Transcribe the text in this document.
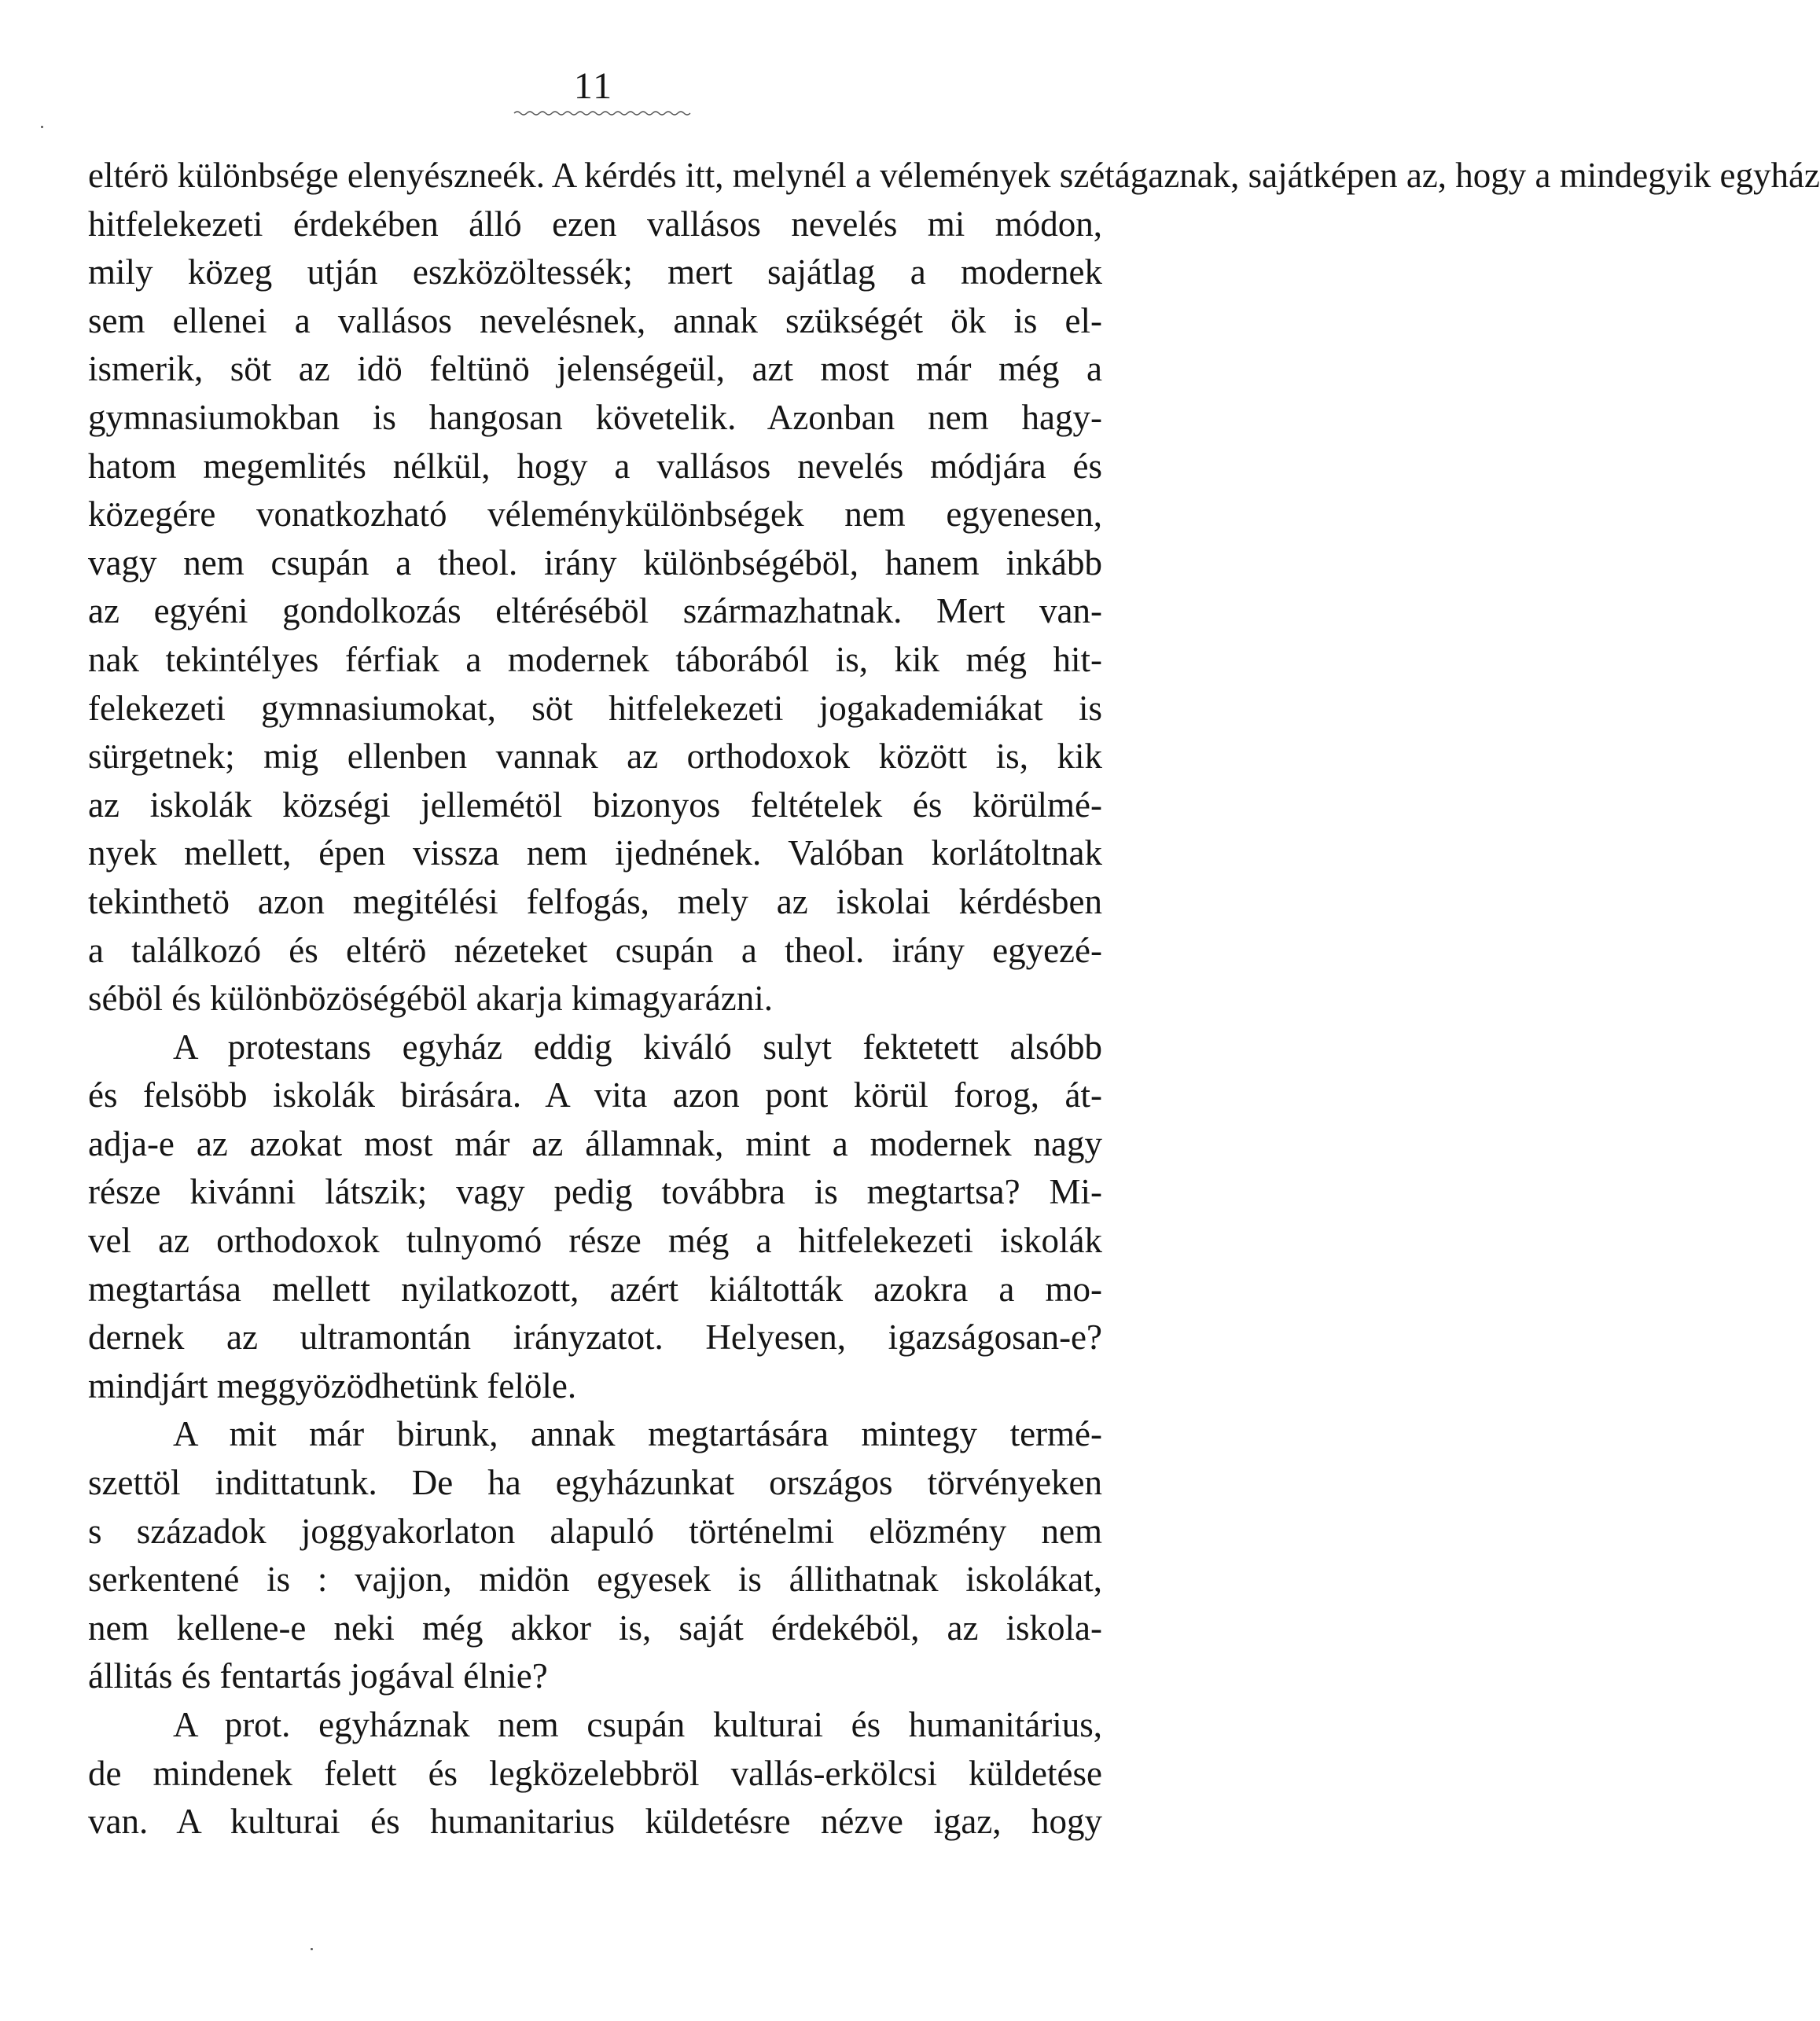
11
eltérö különbsége elenyészneék. A kérdés itt, melynél a vélemények szétágaznak, sajátképen az, hogy a mindegyik egyház
hitfelekezeti érdekében álló ezen vallásos nevelés mi módon,
mily közeg utján eszközöltessék; mert sajátlag a modernek
sem ellenei a vallásos nevelésnek, annak szükségét ök is el-
ismerik, söt az idö feltünö jelenségeül, azt most már még a
gymnasiumokban is hangosan követelik. Azonban nem hagy-
hatom megemlités nélkül, hogy a vallásos nevelés módjára és
közegére vonatkozható véleménykülönbségek nem egyenesen,
vagy nem csupán a theol. irány különbségéböl, hanem inkább
az egyéni gondolkozás eltéréséböl származhatnak. Mert van-
nak tekintélyes férfiak a modernek táborából is, kik még hit-
felekezeti gymnasiumokat, söt hitfelekezeti jogakademiákat is
sürgetnek; mig ellenben vannak az orthodoxok között is, kik
az iskolák községi jellemétöl bizonyos feltételek és körülmé-
nyek mellett, épen vissza nem ijednének. Valóban korlátoltnak
tekinthetö azon megitélési felfogás, mely az iskolai kérdésben
a találkozó és eltérö nézeteket csupán a theol. irány egyezé-
séböl és különbözöségéböl akarja kimagyarázni.
A protestans egyház eddig kiváló sulyt fektetett alsóbb
és felsöbb iskolák birására. A vita azon pont körül forog, át-
adja-e az azokat most már az államnak, mint a modernek nagy
része kivánni látszik; vagy pedig továbbra is megtartsa? Mi-
vel az orthodoxok tulnyomó része még a hitfelekezeti iskolák
megtartása mellett nyilatkozott, azért kiáltották azokra a mo-
dernek az ultramontán irányzatot. Helyesen, igazságosan-e?
mindjárt meggyözödhetünk felöle.
A mit már birunk, annak megtartására mintegy termé-
szettöl indittatunk. De ha egyházunkat országos törvényeken
s századok joggyakorlaton alapuló történelmi elözmény nem
serkentené is : vajjon, midön egyesek is állithatnak iskolákat,
nem kellene-e neki még akkor is, saját érdekéböl, az iskola-
állitás és fentartás jogával élnie?
A prot. egyháznak nem csupán kulturai és humanitárius,
de mindenek felett és legközelebbröl vallás-erkölcsi küldetése
van. A kulturai és humanitarius küldetésre nézve igaz, hogy
